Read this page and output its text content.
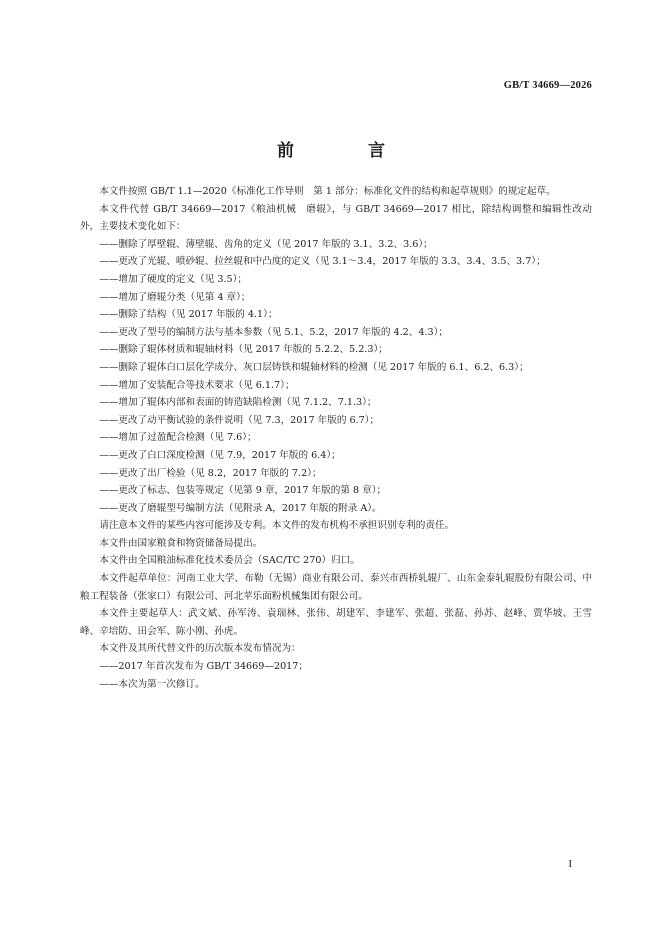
GB/T 34669—2026
前 言

本文件按照 GB/T 1.1—2020《标准化工作导则　第 1 部分：标准化文件的结构和起草规则》的规定起草。

本文件代替 GB/T 34669—2017《粮油机械　磨辊》，与 GB/T 34669—2017 相比，除结构调整和编辑性改动外，主要技术变化如下：

——删除了厚壁辊、薄壁辊、齿角的定义（见 2017 年版的 3.1、3.2、3.6）；

——更改了光辊、喷砂辊、拉丝辊和中凸度的定义（见 3.1～3.4，2017 年版的 3.3、3.4、3.5、3.7）；

——增加了硬度的定义（见 3.5）；

——增加了磨辊分类（见第 4 章）；

——删除了结构（见 2017 年版的 4.1）；

——更改了型号的编制方法与基本参数（见 5.1、5.2，2017 年版的 4.2、4.3）；

——删除了辊体材质和辊轴材料（见 2017 年版的 5.2.2、5.2.3）；

——删除了辊体白口层化学成分、灰口层铸铁和辊轴材料的检测（见 2017 年版的 6.1、6.2、6.3）；

——增加了安装配合等技术要求（见 6.1.7）；

——增加了辊体内部和表面的铸造缺陷检测（见 7.1.2、7.1.3）；

——更改了动平衡试验的条件说明（见 7.3，2017 年版的 6.7）；

——增加了过盈配合检测（见 7.6）；

——更改了白口深度检测（见 7.9，2017 年版的 6.4）；

——更改了出厂检验（见 8.2，2017 年版的 7.2）；

——更改了标志、包装等规定（见第 9 章，2017 年版的第 8 章）；

——更改了磨辊型号编制方法（见附录 A，2017 年版的附录 A）。

请注意本文件的某些内容可能涉及专利。本文件的发布机构不承担识别专利的责任。

本文件由国家粮食和物资储备局提出。

本文件由全国粮油标准化技术委员会（SAC/TC 270）归口。

本文件起草单位：河南工业大学、布勒（无锡）商业有限公司、泰兴市西桥轧辊厂、山东金泰轧辊股份有限公司、中粮工程装备（张家口）有限公司、河北苹乐面粉机械集团有限公司。

本文件主要起草人：武文斌、孙军涛、袁瑞林、张伟、胡建军、李建军、张超、张磊、孙苏、赵峰、贾华坡、王雪峰、辛培防、田会军、陈小刚、孙虎。

本文件及其所代替文件的历次版本发布情况为：

——2017 年首次发布为 GB/T 34669—2017；

——本次为第一次修订。

I
